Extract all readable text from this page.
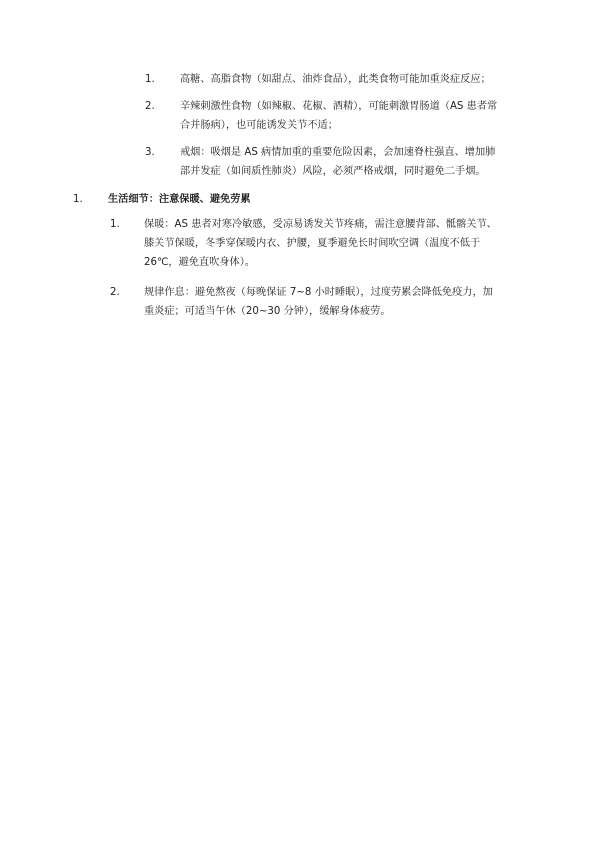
1. 高糖、高脂食物（如甜点、油炸食品），此类食物可能加重炎症反应；
2. 辛辣刺激性食物（如辣椒、花椒、酒精），可能刺激胃肠道（AS 患者常
合并肠病），也可能诱发关节不适；
3. 戒烟：吸烟是 AS 病情加重的重要危险因素，会加速脊柱强直、增加肺
部并发症（如间质性肺炎）风险，必须严格戒烟，同时避免二手烟。
1. 生活细节：注意保暖、避免劳累
1. 保暖：AS 患者对寒冷敏感，受凉易诱发关节疼痛，需注意腰背部、骶髂关节、
膝关节保暖，冬季穿保暖内衣、护腰，夏季避免长时间吹空调（温度不低于
26℃，避免直吹身体）。
2. 规律作息：避免熬夜（每晚保证 7~8 小时睡眠），过度劳累会降低免疫力，加
重炎症；可适当午休（20~30 分钟），缓解身体疲劳。
